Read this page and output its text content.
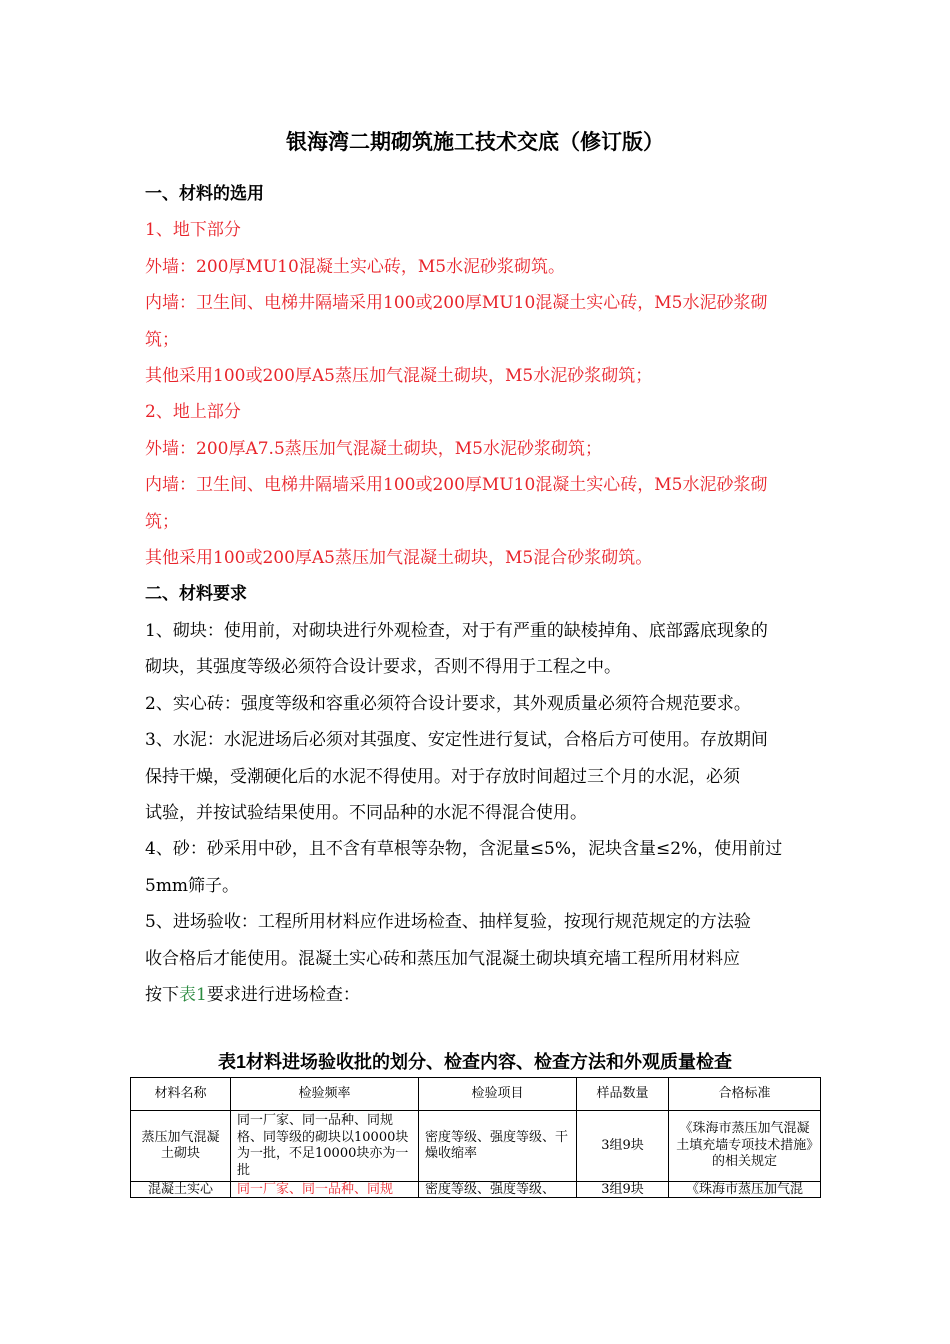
银海湾二期砌筑施工技术交底（修订版）
一、材料的选用
1、地下部分
外墙：200厚MU10混凝土实心砖，M5水泥砂浆砌筑。
内墙：卫生间、电梯井隔墙采用100或200厚MU10混凝土实心砖，M5水泥砂浆砌
筑；
其他采用100或200厚A5蒸压加气混凝土砌块，M5水泥砂浆砌筑；
2、地上部分
外墙：200厚A7.5蒸压加气混凝土砌块，M5水泥砂浆砌筑；
内墙：卫生间、电梯井隔墙采用100或200厚MU10混凝土实心砖，M5水泥砂浆砌
筑；
其他采用100或200厚A5蒸压加气混凝土砌块，M5混合砂浆砌筑。
二、材料要求
1、砌块：使用前，对砌块进行外观检查，对于有严重的缺棱掉角、底部露底现象的
砌块，其强度等级必须符合设计要求，否则不得用于工程之中。
2、实心砖：强度等级和容重必须符合设计要求，其外观质量必须符合规范要求。
3、水泥：水泥进场后必须对其强度、安定性进行复试，合格后方可使用。存放期间
保持干燥，受潮硬化后的水泥不得使用。对于存放时间超过三个月的水泥，必须
试验，并按试验结果使用。不同品种的水泥不得混合使用。
4、砂：砂采用中砂，且不含有草根等杂物，含泥量≤5%，泥块含量≤2%，使用前过
5mm筛子。
5、进场验收：工程所用材料应作进场检查、抽样复验，按现行规范规定的方法验
收合格后才能使用。混凝土实心砖和蒸压加气混凝土砌块填充墙工程所用材料应
按下表1要求进行进场检查：
表1材料进场验收批的划分、检查内容、检查方法和外观质量检查
材料名称	检验频率	检验项目	样品数量	合格标准
蒸压加气混凝土砌块	同一厂家、同一品种、同规格、同等级的砌块以10000块为一批，不足10000块亦为一批	密度等级、强度等级、干燥收缩率	3组9块	《珠海市蒸压加气混凝土填充墙专项技术措施》的相关规定

混凝土实心	同一厂家、同一品种、同规	密度等级、强度等级、	3组9块	《珠海市蒸压加气混
